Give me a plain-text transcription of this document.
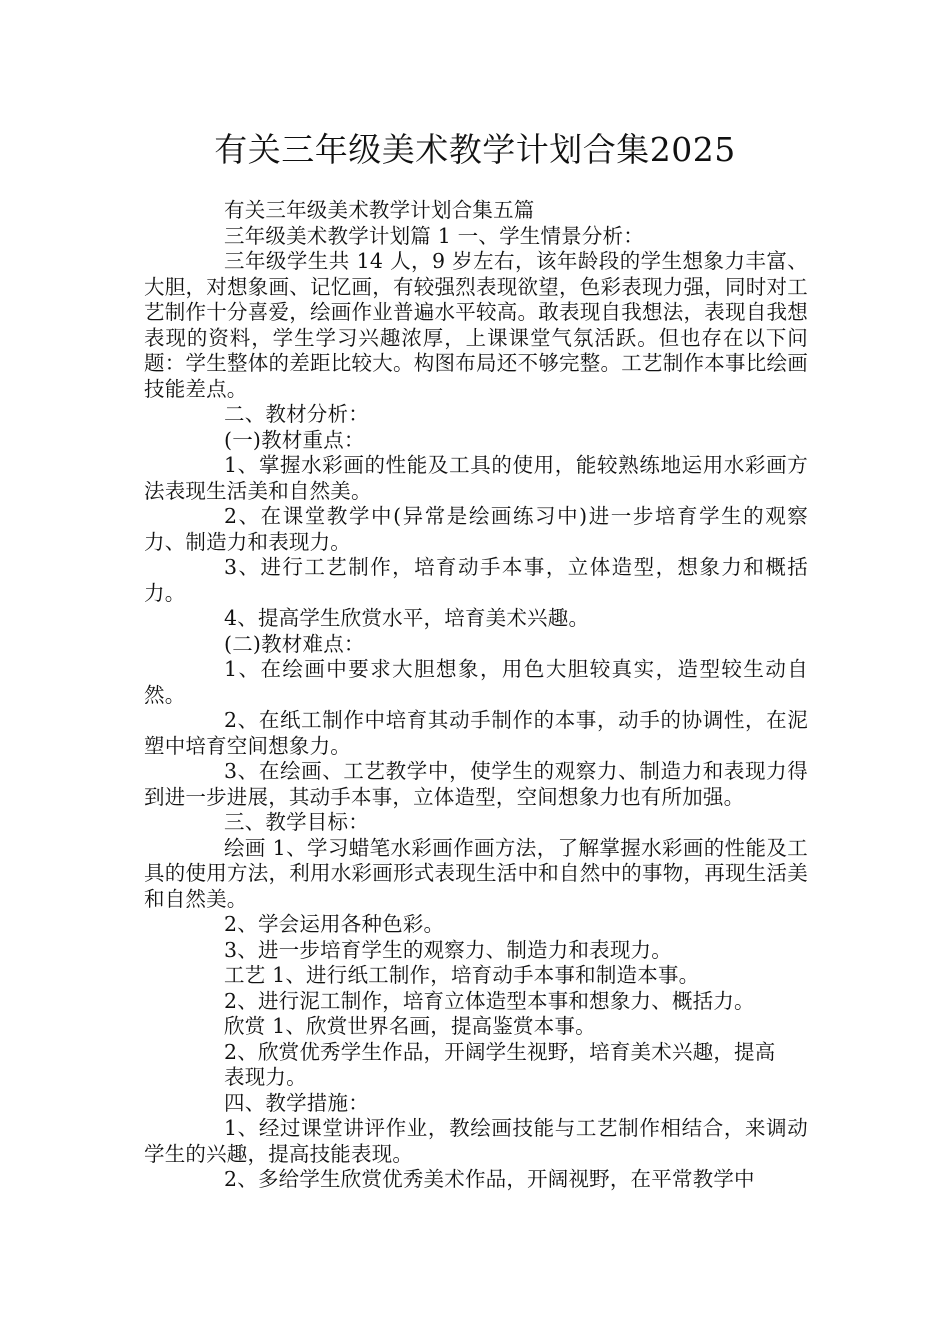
有关三年级美术教学计划合集2025

有关三年级美术教学计划合集五篇

三年级美术教学计划篇 1 一、学生情景分析：

三年级学生共 14 人，9 岁左右，该年龄段的学生想象力丰富、大胆，对想象画、记忆画，有较强烈表现欲望，色彩表现力强，同时对工艺制作十分喜爱，绘画作业普遍水平较高。敢表现自我想法，表现自我想表现的资料，学生学习兴趣浓厚，上课课堂气氛活跃。但也存在以下问题：学生整体的差距比较大。构图布局还不够完整。工艺制作本事比绘画技能差点。

二、教材分析：

(一)教材重点：

1、掌握水彩画的性能及工具的使用，能较熟练地运用水彩画方法表现生活美和自然美。

2、在课堂教学中(异常是绘画练习中)进一步培育学生的观察力、制造力和表现力。

3、进行工艺制作，培育动手本事，立体造型，想象力和概括力。

4、提高学生欣赏水平，培育美术兴趣。

(二)教材难点：

1、在绘画中要求大胆想象，用色大胆较真实，造型较生动自然。

2、在纸工制作中培育其动手制作的本事，动手的协调性，在泥塑中培育空间想象力。

3、在绘画、工艺教学中，使学生的观察力、制造力和表现力得到进一步进展，其动手本事，立体造型，空间想象力也有所加强。

三、教学目标：

绘画 1、学习蜡笔水彩画作画方法，了解掌握水彩画的性能及工具的使用方法，利用水彩画形式表现生活中和自然中的事物，再现生活美和自然美。

2、学会运用各种色彩。

3、进一步培育学生的观察力、制造力和表现力。

工艺 1、进行纸工制作，培育动手本事和制造本事。

2、进行泥工制作，培育立体造型本事和想象力、概括力。

欣赏 1、欣赏世界名画，提高鉴赏本事。

2、欣赏优秀学生作品，开阔学生视野，培育美术兴趣，提高

表现力。

四、教学措施：

1、经过课堂讲评作业，教绘画技能与工艺制作相结合，来调动学生的兴趣，提高技能表现。

2、多给学生欣赏优秀美术作品，开阔视野，在平常教学中
